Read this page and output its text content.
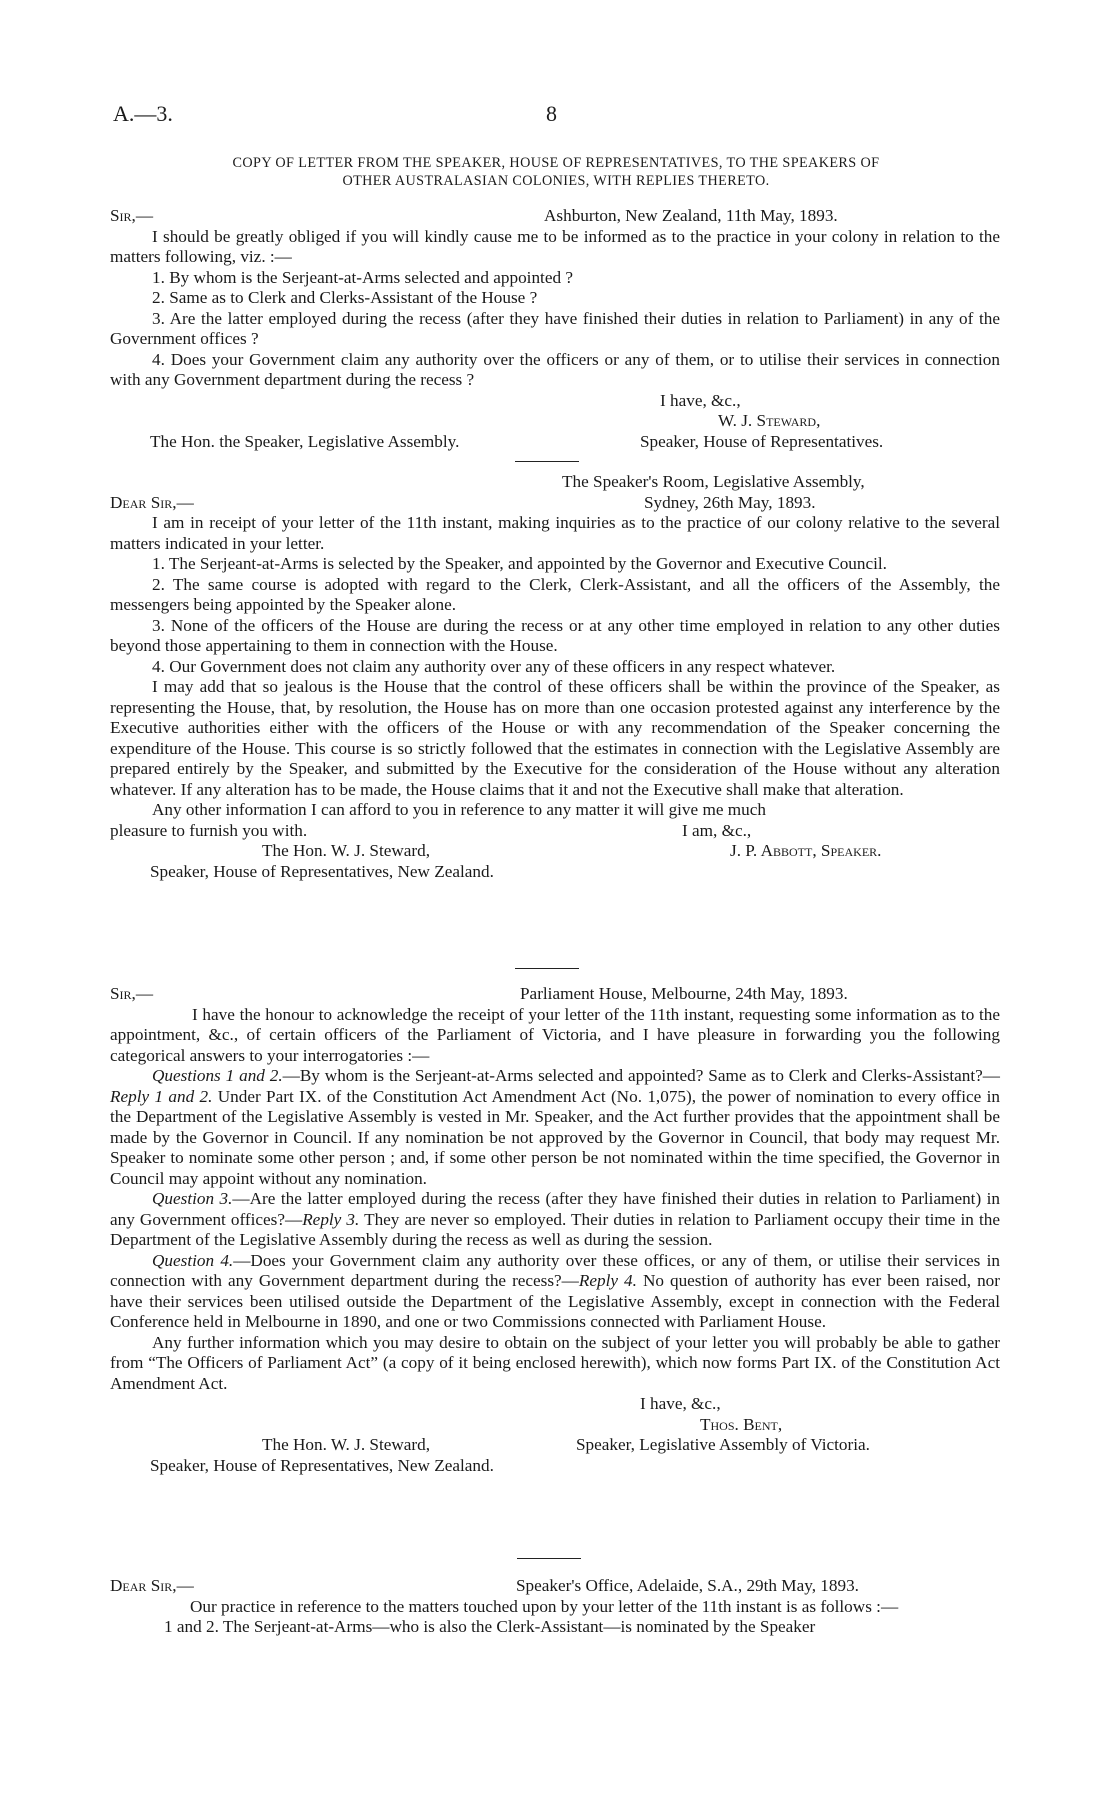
A.—3.	8
COPY OF LETTER FROM THE SPEAKER, HOUSE OF REPRESENTATIVES, TO THE SPEAKERS OF
OTHER AUSTRALASIAN COLONIES, WITH REPLIES THERETO.
Sir,—	Ashburton, New Zealand, 11th May, 1893.

I should be greatly obliged if you will kindly cause me to be informed as to the practice in your colony in relation to the matters following, viz. :—

1. By whom is the Serjeant-at-Arms selected and appointed ?

2. Same as to Clerk and Clerks-Assistant of the House ?

3. Are the latter employed during the recess (after they have finished their duties in relation to Parliament) in any of the Government offices ?

4. Does your Government claim any authority over the officers or any of them, or to utilise their services in connection with any Government department during the recess ?

I have, &c.,
W. J. Steward,
The Hon. the Speaker, Legislative Assembly.	Speaker, House of Representatives.
The Speaker's Room, Legislative Assembly,
Dear Sir,—	Sydney, 26th May, 1893.

I am in receipt of your letter of the 11th instant, making inquiries as to the practice of our colony relative to the several matters indicated in your letter.

1. The Serjeant-at-Arms is selected by the Speaker, and appointed by the Governor and Executive Council.

2. The same course is adopted with regard to the Clerk, Clerk-Assistant, and all the officers of the Assembly, the messengers being appointed by the Speaker alone.

3. None of the officers of the House are during the recess or at any other time employed in relation to any other duties beyond those appertaining to them in connection with the House.

4. Our Government does not claim any authority over any of these officers in any respect whatever.

I may add that so jealous is the House that the control of these officers shall be within the province of the Speaker, as representing the House, that, by resolution, the House has on more than one occasion protested against any interference by the Executive authorities either with the officers of the House or with any recommendation of the Speaker concerning the expenditure of the House. This course is so strictly followed that the estimates in connection with the Legislative Assembly are prepared entirely by the Speaker, and submitted by the Executive for the consideration of the House without any alteration whatever. If any alteration has to be made, the House claims that it and not the Executive shall make that alteration.

Any other information I can afford to you in reference to any matter it will give me much
pleasure to furnish you with.	I am, &c.,
The Hon. W. J. Steward,	J. P. Abbott, Speaker.
Speaker, House of Representatives, New Zealand.
Sir,—	Parliament House, Melbourne, 24th May, 1893.

I have the honour to acknowledge the receipt of your letter of the 11th instant, requesting some information as to the appointment, &c., of certain officers of the Parliament of Victoria, and I have pleasure in forwarding you the following categorical answers to your interrogatories :—

Questions 1 and 2.—By whom is the Serjeant-at-Arms selected and appointed? Same as to Clerk and Clerks-Assistant?—Reply 1 and 2. Under Part IX. of the Constitution Act Amendment Act (No. 1,075), the power of nomination to every office in the Department of the Legislative Assembly is vested in Mr. Speaker, and the Act further provides that the appointment shall be made by the Governor in Council. If any nomination be not approved by the Governor in Council, that body may request Mr. Speaker to nominate some other person ; and, if some other person be not nominated within the time specified, the Governor in Council may appoint without any nomination.

Question 3.—Are the latter employed during the recess (after they have finished their duties in relation to Parliament) in any Government offices?—Reply 3. They are never so employed. Their duties in relation to Parliament occupy their time in the Department of the Legislative Assembly during the recess as well as during the session.

Question 4.—Does your Government claim any authority over these offices, or any of them, or utilise their services in connection with any Government department during the recess?—Reply 4. No question of authority has ever been raised, nor have their services been utilised outside the Department of the Legislative Assembly, except in connection with the Federal Conference held in Melbourne in 1890, and one or two Commissions connected with Parliament House.

Any further information which you may desire to obtain on the subject of your letter you will probably be able to gather from “The Officers of Parliament Act” (a copy of it being enclosed herewith), which now forms Part IX. of the Constitution Act Amendment Act.

I have, &c.,
Thos. Bent,
The Hon. W. J. Steward,	Speaker, Legislative Assembly of Victoria.
Speaker, House of Representatives, New Zealand.
Dear Sir,—	Speaker's Office, Adelaide, S.A., 29th May, 1893.

Our practice in reference to the matters touched upon by your letter of the 11th instant is as follows :—

1 and 2. The Serjeant-at-Arms—who is also the Clerk-Assistant—is nominated by the Speaker
